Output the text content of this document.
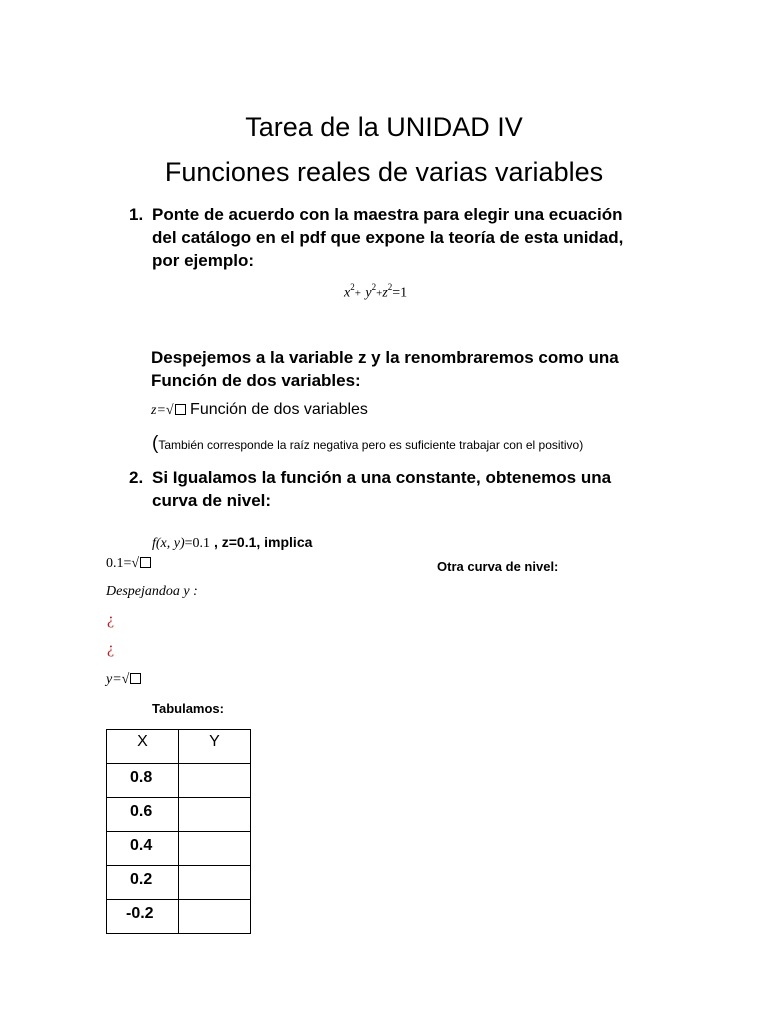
Tarea de la UNIDAD IV
Funciones reales de varias variables
1. Ponte de acuerdo con la maestra para elegir una ecuación
del catálogo en el pdf que expone la teoría de esta unidad,
por ejemplo:
$x^2+ y^2+z^2=1$
Despejemos a la variable z y la renombraremos como una
Función de dos variables:
z=√ Función de dos variables
(También corresponde la raíz negativa pero es suficiente trabajar con el positivo)
2. Si Igualamos la función a una constante, obtenemos una
curva de nivel:
f(x, y)=0.1 , z=0.1, implica
0.1=√	Otra curva de nivel:
Despejandoa y :
¿
¿
y=√
Tabulamos:
X	Y
0.8	
0.6	
0.4	
0.2	
-0.2	
